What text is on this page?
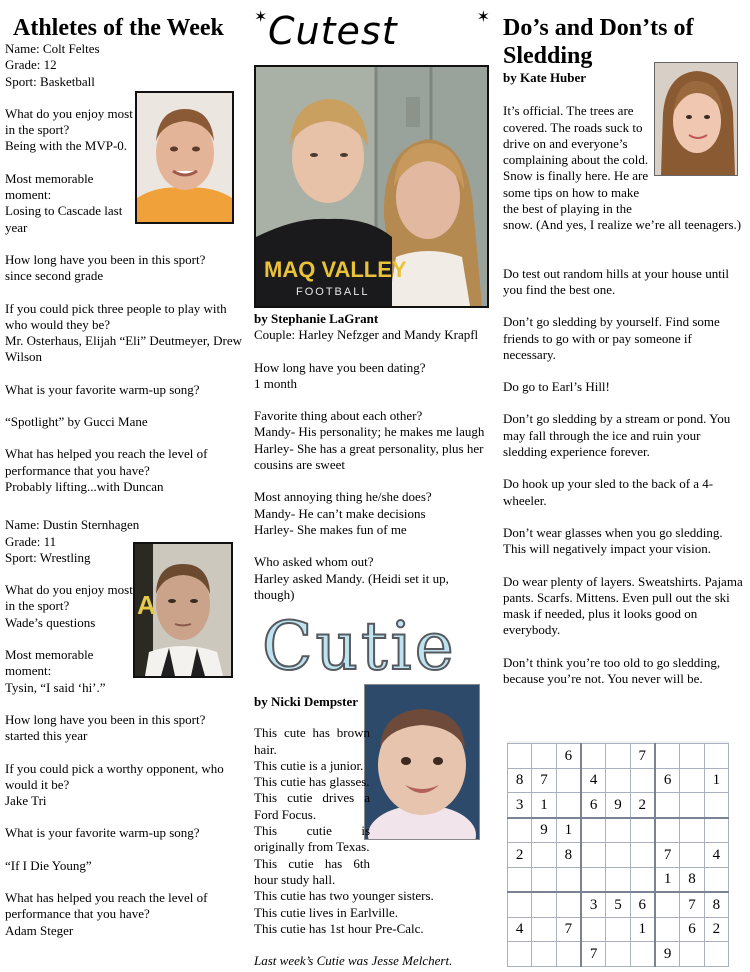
Athletes of the Week
Name: Colt Feltes
Grade: 12
Sport: Basketball
What do you enjoy most in the sport?
Being with the MVP-0.
Most memorable moment:
Losing to Cascade last year
How long have you been in this sport?
since second grade
If you could pick three people to play with who would they be?
Mr. Osterhaus, Elijah “Eli” Deutmeyer, Drew Wilson
What is your favorite warm-up song?
“Spotlight” by Gucci Mane
What has helped you reach the level of performance that you have?
Probably lifting...with Duncan
Name: Dustin Sternhagen
Grade: 11
Sport: Wrestling
What do you enjoy most in the sport?
Wade’s questions
Most memorable moment:
Tysin, “I said ‘hi’.”
How long have you been in this sport?
started this year
If you could pick a worthy opponent, who would it be?
Jake Tri
What is your favorite warm-up song?
“If I Die Young”
What has helped you reach the level of performance that you have?
Adam Steger
A
✶ Cutest	✶
MAQ VALLEY
FOOTBALL
by Stephanie LaGrant
Couple: Harley Nefzger and Mandy Krapfl
How long have you been dating?
1 month
Favorite thing about each other?
Mandy- His personality; he makes me laugh
Harley- She has a great personality, plus her cousins are sweet
Most annoying thing he/she does?
Mandy- He can’t make decisions
Harley- She makes fun of me
Who asked whom out?
Harley asked Mandy. (Heidi set it up, though)
Cutie
by Nicki Dempster
This cute has brown hair.
This cutie is a junior.
This cutie has glasses.
This cutie drives a Ford Focus.
This cutie is originally from Texas.
This cutie has 6th hour study hall.
This cutie has two younger sisters.
This cutie lives in Earlville.
This cutie has 1st hour Pre-Calc.
Last week’s Cutie was Jesse Melchert.
Do’s and Don’ts of Sledding
by Kate Huber
It’s official. The trees are covered. The roads suck to drive on and everyone’s complaining about the cold. Snow is finally here. He are some tips on how to make the best of playing in the snow. (And yes, I realize we’re all teenagers.)
Do test out random hills at your house until you find the best one.
Don’t go sledding by yourself. Find some friends to go with or pay someone if necessary.
Do go to Earl’s Hill!
Don’t go sledding by a stream or pond. You may fall through the ice and ruin your sledding experience forever.
Do hook up your sled to the back of a 4-wheeler.
Don’t wear glasses when you go sledding. This will negatively impact your vision.
Do wear plenty of layers. Sweatshirts. Pajama pants. Scarfs. Mittens. Even pull out the ski mask if needed, plus it looks good on everybody.
Don’t think you’re too old to go sledding, because you’re not. You never will be.
		6			7			
8	7		4			6		1
3	1		6	9	2			
	9	1						
2		8				7		4
						1	8	
			3	5	6		7	8
4		7			1		6	2
			7			9		
